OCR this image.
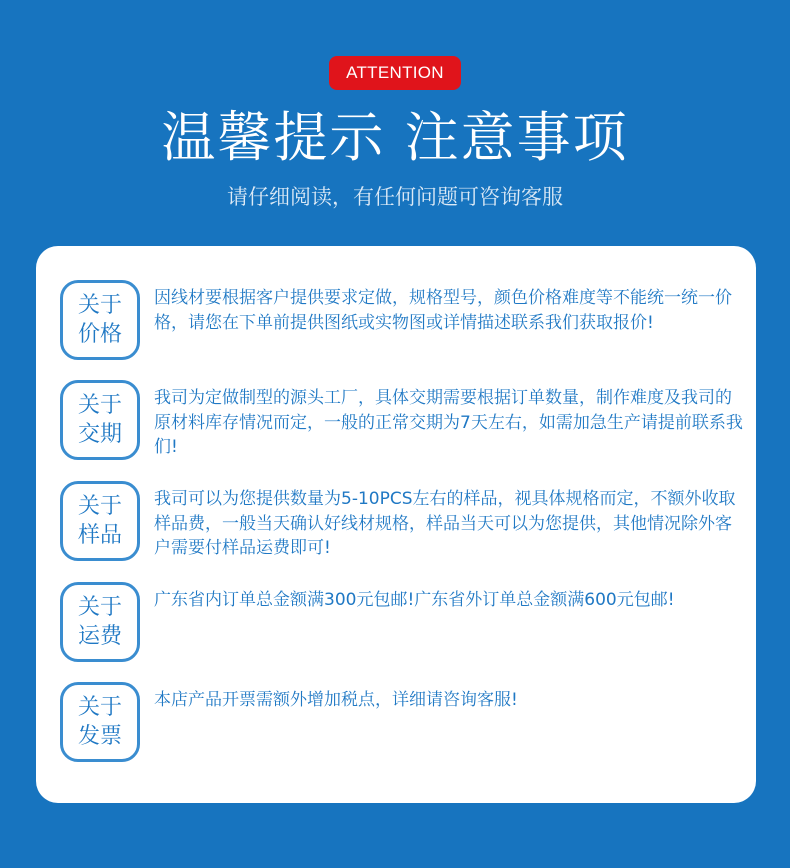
ATTENTION
温馨提示 注意事项
请仔细阅读，有任何问题可咨询客服
关于
价格
因线材要根据客户提供要求定做，规格型号，颜色价格难度等不能统一统一价格，请您在下单前提供图纸或实物图或详情描述联系我们获取报价!
关于
交期
我司为定做制型的源头工厂，具体交期需要根据订单数量，制作难度及我司的原材料库存情况而定，一般的正常交期为7天左右，如需加急生产请提前联系我们!
关于
样品
我司可以为您提供数量为5-10PCS左右的样品，视具体规格而定，不额外收取样品费，一般当天确认好线材规格，样品当天可以为您提供，其他情况除外客户需要付样品运费即可!
关于
运费
广东省内订单总金额满300元包邮!广东省外订单总金额满600元包邮!
关于
发票
本店产品开票需额外增加税点，详细请咨询客服!
